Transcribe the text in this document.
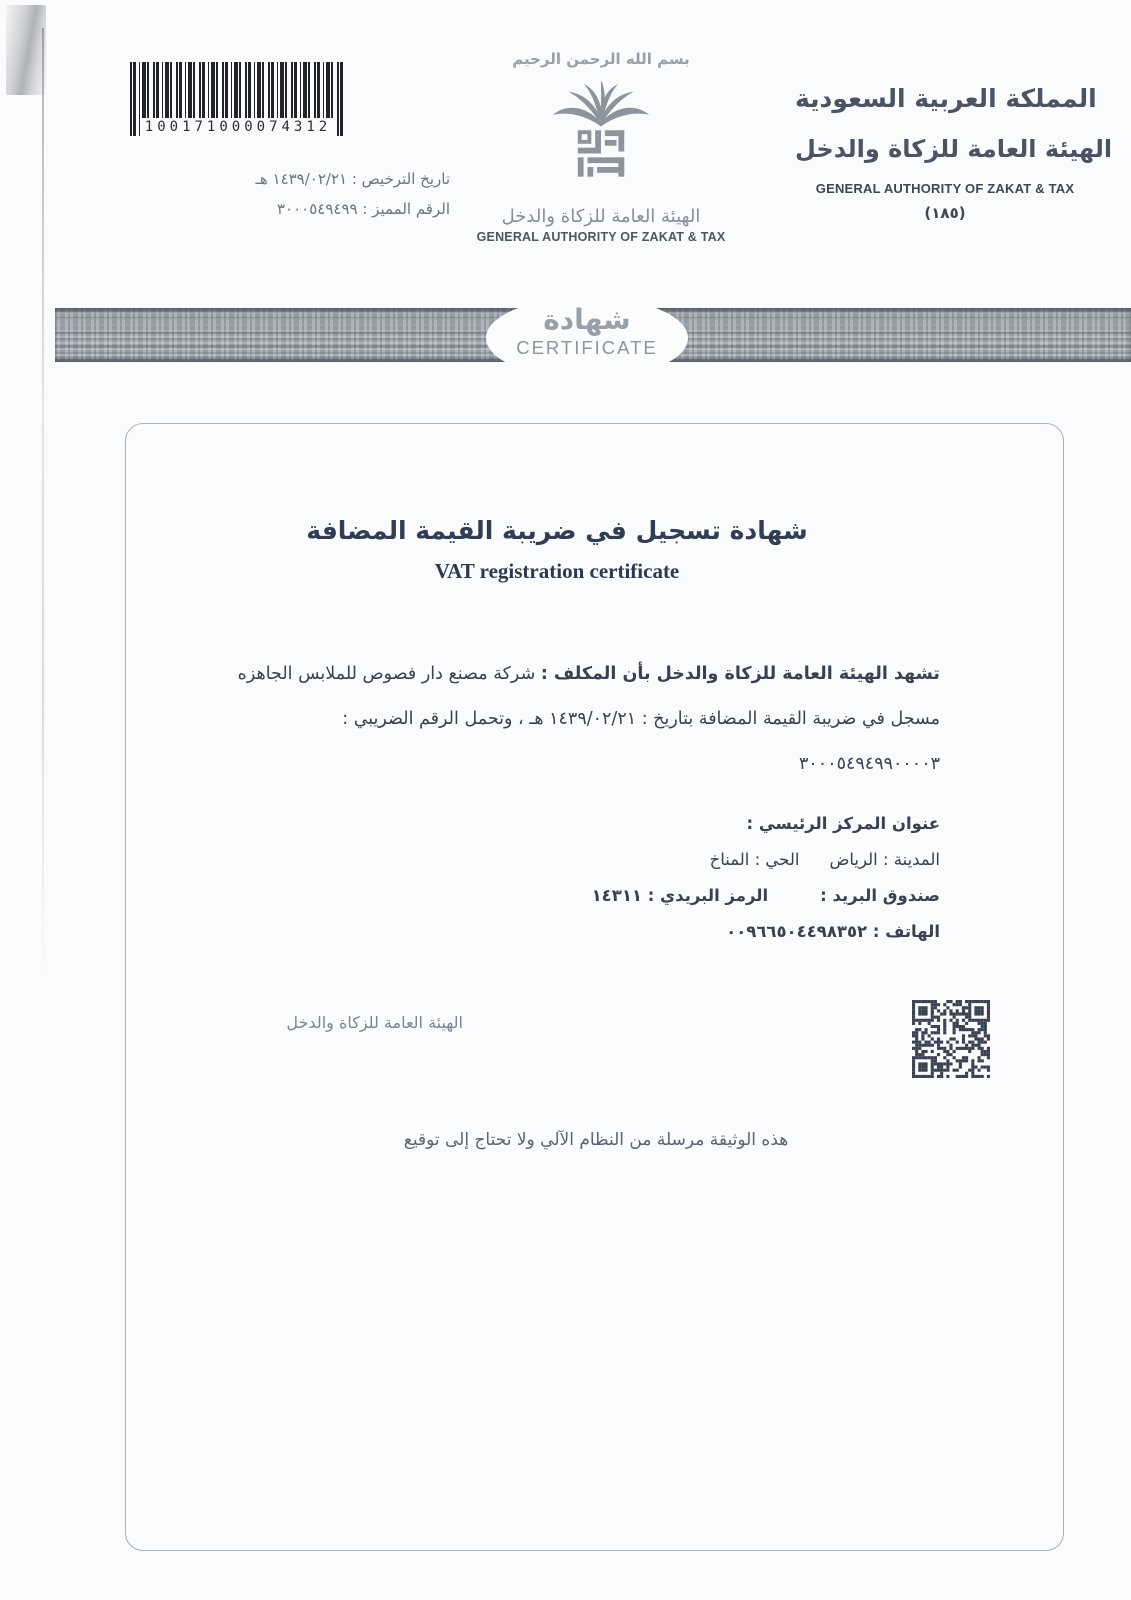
100171000074312
تاريخ الترخيص : ١٤٣٩/٠٢/٢١ هـ
الرقم المميز : ٣٠٠٠٥٤٩٤٩٩
بسم الله الرحمن الرحيم
الهيئة العامة للزكاة والدخل
GENERAL AUTHORITY OF ZAKAT & TAX
المملكة العربية السعودية
الهيئة العامة للزكاة والدخل
GENERAL AUTHORITY OF ZAKAT & TAX
(١٨٥)
شهادة
CERTIFICATE
شهادة تسجيل في ضريبة القيمة المضافة
VAT registration certificate
تشهد الهيئة العامة للزكاة والدخل بأن المكلف : شركة مصنع دار فصوص للملابس الجاهزه
مسجل في ضريبة القيمة المضافة بتاريخ : ١٤٣٩/٠٢/٢١ هـ ، وتحمل الرقم الضريبي : ٣٠٠٠٥٤٩٤٩٩٠٠٠٠٣
عنوان المركز الرئيسي :
المدينة : الرياض
الحي : المناخ
صندوق البريد :
الرمز البريدي : ١٤٣١١
الهاتف : ٠٠٩٦٦٥٠٤٤٩٨٣٥٢
الهيئة العامة للزكاة والدخل
هذه الوثيقة مرسلة من النظام الآلي ولا تحتاج إلى توقيع
